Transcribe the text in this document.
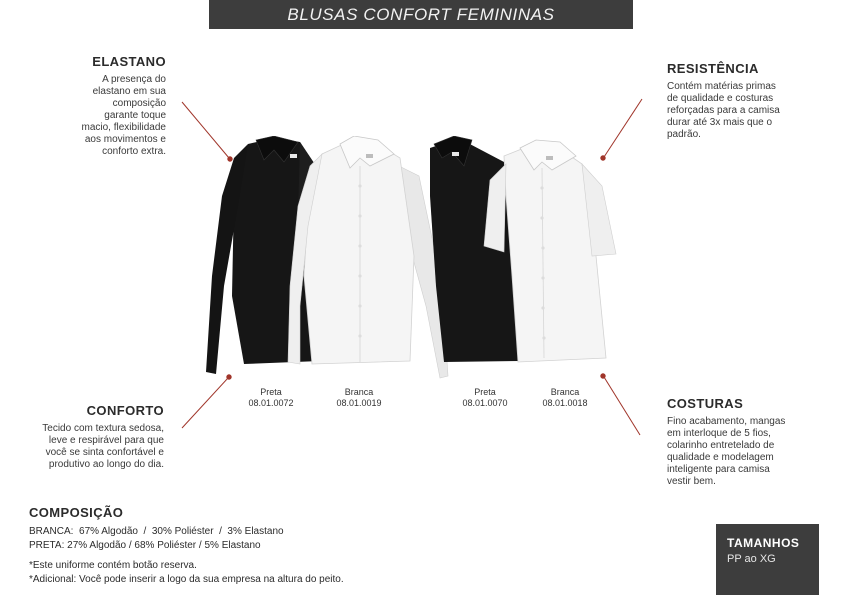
BLUSAS CONFORT FEMININAS
ELASTANO

A presença do
elastano em sua
composição
garante toque
macio, flexibilidade
aos movimentos e
conforto extra.

RESISTÊNCIA

Contém matérias primas
de qualidade e costuras
reforçadas para a camisa
durar até 3x mais que o
padrão.

CONFORTO

Tecido com textura sedosa,
leve e respirável para que
você se sinta confortável e
produtivo ao longo do dia.

COSTURAS

Fino acabamento, mangas
em interloque de 5 fios,
colarinho entretelado de
qualidade e modelagem
inteligente para camisa
vestir bem.

Preta
08.01.0072
Branca
08.01.0019
Preta
08.01.0070
Branca
08.01.0018
COMPOSIÇÃO
BRANCA:  67% Algodão  /  30% Poliéster  /  3% Elastano
PRETA: 27% Algodão / 68% Poliéster / 5% Elastano
*Este uniforme contém botão reserva.
*Adicional: Você pode inserir a logo da sua empresa na altura do peito.
TAMANHOS

PP ao XG
